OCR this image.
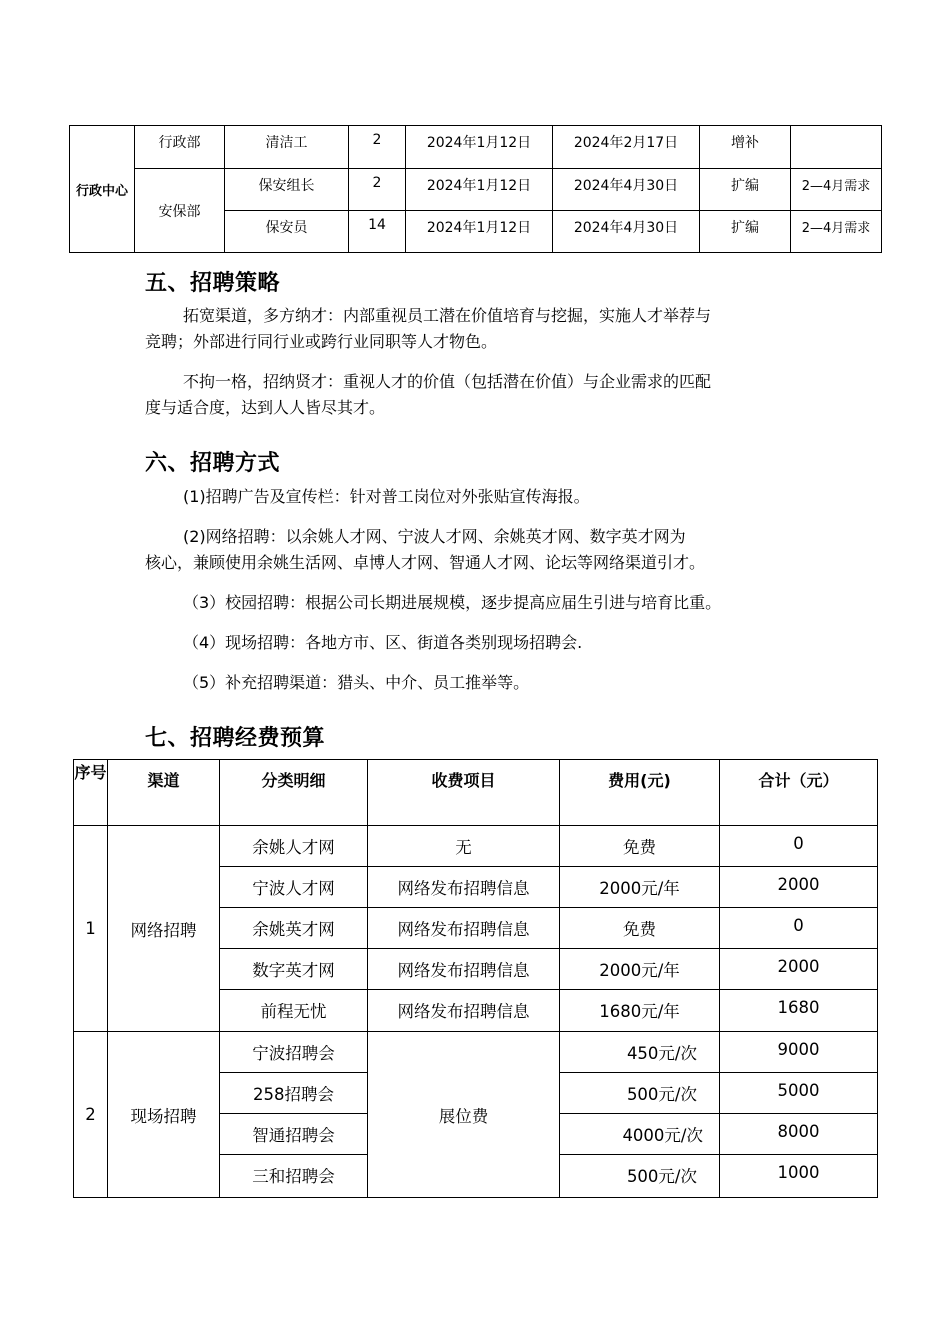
行政中心	行政部	清洁工	2	2024年1月12日	2024年2月17日	增补	
	安保部	保安组长	2	2024年1月12日	2024年4月30日	扩编	2—4月需求
		保安员	14	2024年1月12日	2024年4月30日	扩编	2—4月需求
五、招聘策略

拓宽渠道，多方纳才：内部重视员工潜在价值培育与挖掘，实施人才举荐与

竞聘；外部进行同行业或跨行业同职等人才物色。

不拘一格，招纳贤才：重视人才的价值（包括潜在价值）与企业需求的匹配

度与适合度，达到人人皆尽其才。

六、招聘方式

(1)招聘广告及宣传栏：针对普工岗位对外张贴宣传海报。

(2)网络招聘：以余姚人才网、宁波人才网、余姚英才网、数字英才网为

核心，兼顾使用余姚生活网、卓博人才网、智通人才网、论坛等网络渠道引才。

（3）校园招聘：根据公司长期进展规模，逐步提高应届生引进与培育比重。

（4）现场招聘：各地方市、区、街道各类别现场招聘会.

（5）补充招聘渠道：猎头、中介、员工推举等。

七、招聘经费预算
序号	渠道	分类明细	收费项目	费用(元)	合计（元）
1	网络招聘	余姚人才网	无	免费	0
		宁波人才网	网络发布招聘信息	2000元/年	2000
		余姚英才网	网络发布招聘信息	免费	0
		数字英才网	网络发布招聘信息	2000元/年	2000
		前程无忧	网络发布招聘信息	1680元/年	1680
2	现场招聘	宁波招聘会	展位费	450元/次	9000
		258招聘会		500元/次	5000
		智通招聘会		4000元/次	8000
		三和招聘会		500元/次	1000
